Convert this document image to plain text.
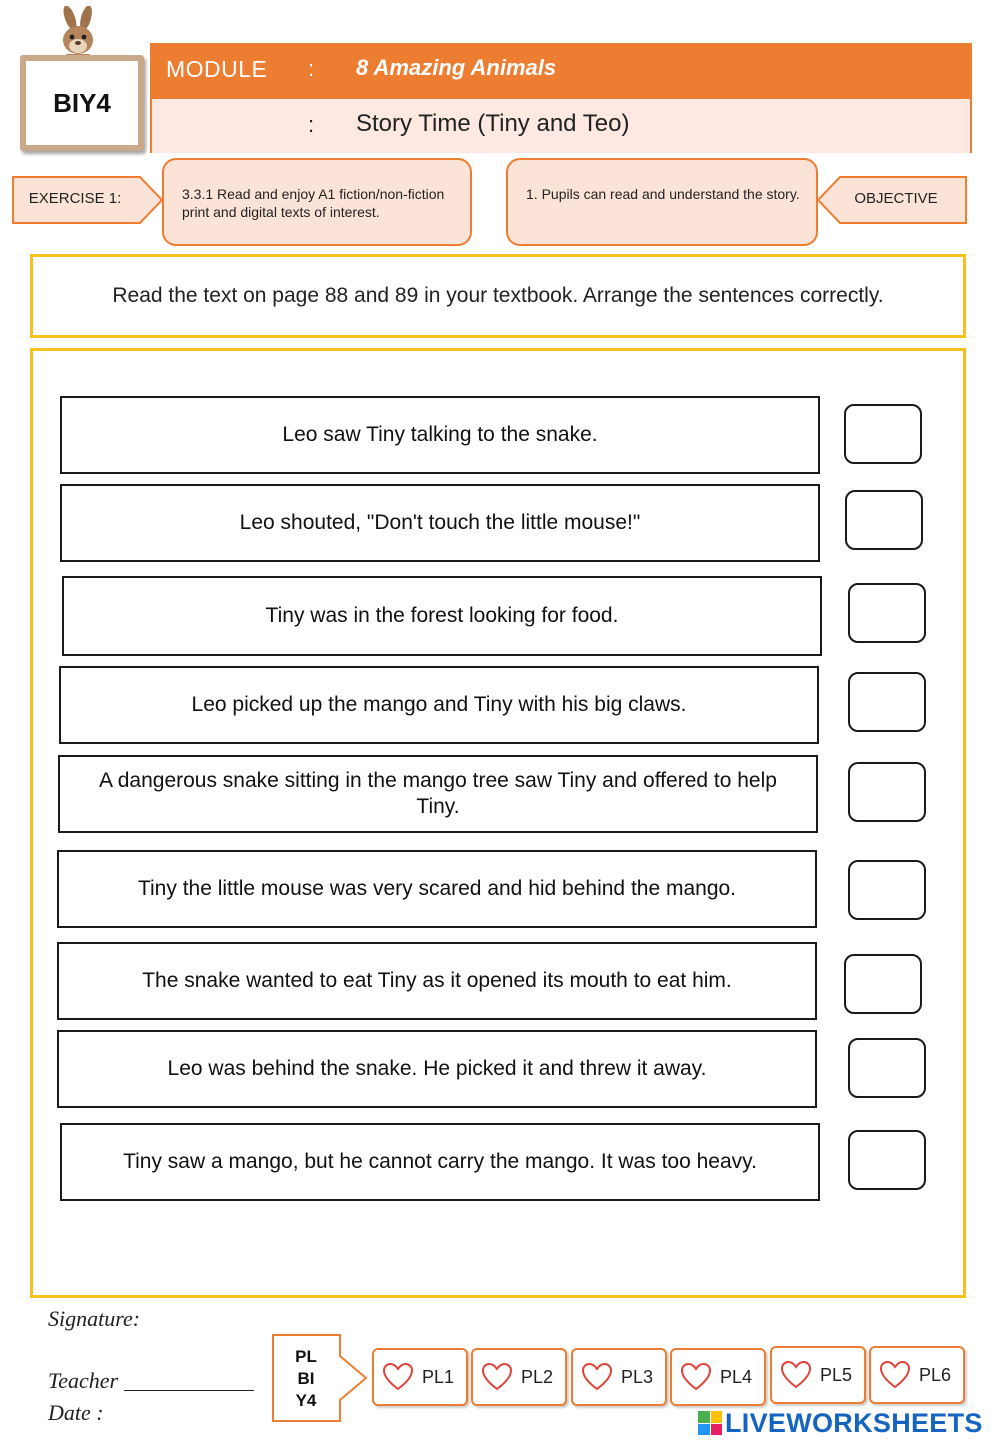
BIY4
MODULE : 8 Amazing Animals
: Story Time (Tiny and Teo)
EXERCISE 1:	3.3.1 Read and enjoy A1 fiction/non-fiction print and digital texts of interest.
1. Pupils can read and understand the story.	OBJECTIVE
Read the text on page 88 and 89 in your textbook. Arrange the sentences correctly.
Leo saw Tiny talking to the snake.
Leo shouted, "Don't touch the little mouse!"
Tiny was in the forest looking for food.
Leo picked up the mango and Tiny with his big claws.
A dangerous snake sitting in the mango tree saw Tiny and offered to help Tiny.
Tiny the little mouse was very scared and hid behind the mango.
The snake wanted to eat Tiny as it opened its mouth to eat him.
Leo was behind the snake. He picked it and threw it away.
Tiny saw a mango, but he cannot carry the mango. It was too heavy.
Signature:
Teacher
Date :
PL
BI
Y4
PL1	PL2	PL3	PL4	PL5	PL6
LIVEWORKSHEETS
